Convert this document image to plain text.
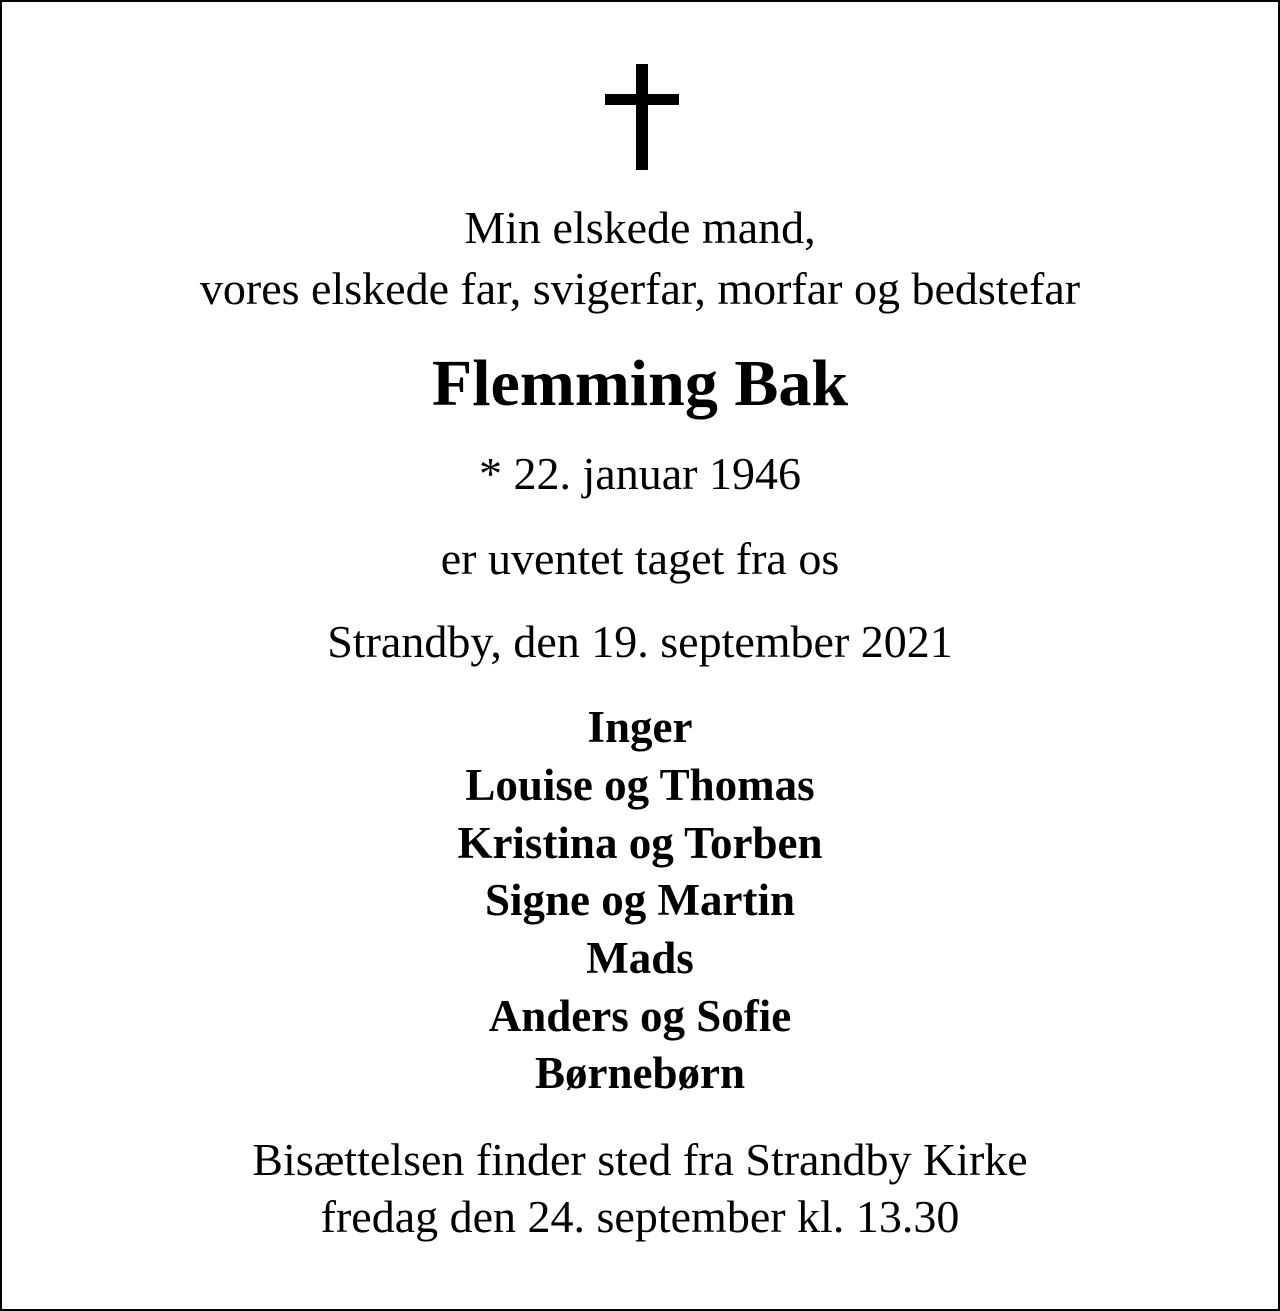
Min elskede mand,
vores elskede far, svigerfar, morfar og bedstefar
Flemming Bak
* 22. januar 1946
er uventet taget fra os
Strandby, den 19. september 2021
Inger
Louise og Thomas
Kristina og Torben
Signe og Martin
Mads
Anders og Sofie
Børnebørn
Bisættelsen finder sted fra Strandby Kirke
fredag den 24. september kl. 13.30
